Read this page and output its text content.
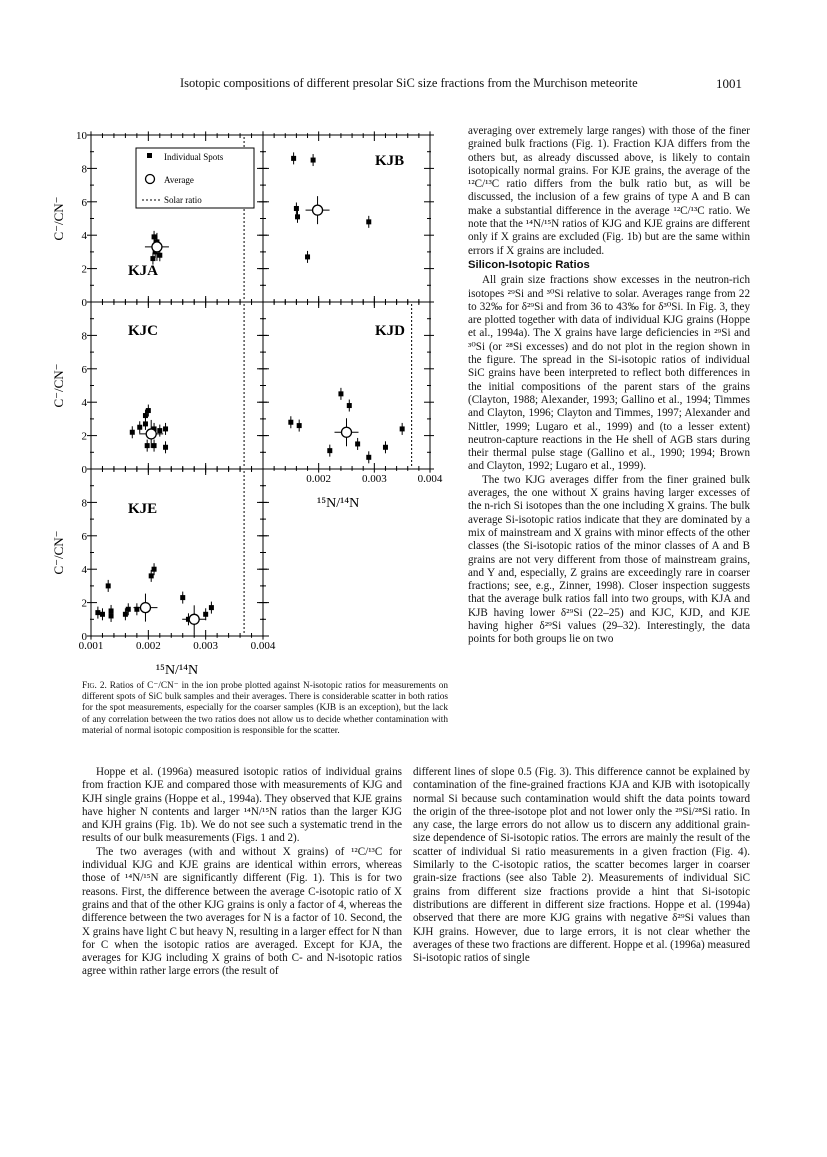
Isotopic compositions of different presolar SiC size fractions from the Murchison meteorite	1001
10
8
6
4
2
0
8
6
4
2
0
8
6
4
2
0
0.001	0.002	0.003	0.004
0.002	0.003	0.004
C⁻/CN⁻
C⁻/CN⁻
C⁻/CN⁻
¹⁵N/¹⁴N
¹⁵N/¹⁴N
KJA
KJB
KJC	KJD
KJE
Individual Spots
Average
Solar ratio
Fig. 2. Ratios of C⁻/CN⁻ in the ion probe plotted against N-isotopic ratios for measurements on different spots of SiC bulk samples and their averages. There is considerable scatter in both ratios for the spot measurements, especially for the coarser samples (KJB is an exception), but the lack of any correlation between the two ratios does not allow us to decide whether contamination with material of normal isotopic composition is responsible for the scatter.

averaging over extremely large ranges) with those of the finer grained bulk fractions (Fig. 1). Fraction KJA differs from the others but, as already discussed above, is likely to contain isotopically normal grains. For KJE grains, the average of the ¹²C/¹³C ratio differs from the bulk ratio but, as will be discussed, the inclusion of a few grains of type A and B can make a substantial difference in the average ¹²C/¹³C ratio. We note that the ¹⁴N/¹⁵N ratios of KJG and KJE grains are different only if X grains are excluded (Fig. 1b) but are the same within errors if X grains are included.

Silicon-Isotopic Ratios

All grain size fractions show excesses in the neutron-rich isotopes ²⁹Si and ³⁰Si relative to solar. Averages range from 22 to 32‰ for δ²⁹Si and from 36 to 43‰ for δ³⁰Si. In Fig. 3, they are plotted together with data of individual KJG grains (Hoppe et al., 1994a). The X grains have large deficiencies in ²⁹Si and ³⁰Si (or ²⁸Si excesses) and do not plot in the region shown in the figure. The spread in the Si-isotopic ratios of individual SiC grains have been interpreted to reflect both differences in the initial compositions of the parent stars of the grains (Clayton, 1988; Alexander, 1993; Gallino et al., 1994; Timmes and Clayton, 1996; Clayton and Timmes, 1997; Alexander and Nittler, 1999; Lugaro et al., 1999) and (to a lesser extent) neutron-capture reactions in the He shell of AGB stars during their thermal pulse stage (Gallino et al., 1990; 1994; Brown and Clayton, 1992; Lugaro et al., 1999).

The two KJG averages differ from the finer grained bulk averages, the one without X grains having larger excesses of the n-rich Si isotopes than the one including X grains. The bulk average Si-isotopic ratios indicate that they are dominated by a mix of mainstream and X grains with minor effects of the other classes (the Si-isotopic ratios of the minor classes of A and B grains are not very different from those of mainstream grains, and Y and, especially, Z grains are exceedingly rare in coarser fractions; see, e.g., Zinner, 1998). Closer inspection suggests that the average bulk ratios fall into two groups, with KJA and KJB having lower δ²⁹Si (22–25) and KJC, KJD, and KJE having higher δ²⁹Si values (29–32). Interestingly, the data points for both groups lie on two

Hoppe et al. (1996a) measured isotopic ratios of individual grains from fraction KJE and compared those with measurements of KJG and KJH single grains (Hoppe et al., 1994a). They observed that KJE grains have higher N contents and larger ¹⁴N/¹⁵N ratios than the larger KJG and KJH grains (Fig. 1b). We do not see such a systematic trend in the results of our bulk measurements (Figs. 1 and 2).

The two averages (with and without X grains) of ¹²C/¹³C for individual KJG and KJE grains are identical within errors, whereas those of ¹⁴N/¹⁵N are significantly different (Fig. 1). This is for two reasons. First, the difference between the average C-isotopic ratio of X grains and that of the other KJG grains is only a factor of 4, whereas the difference between the two averages for N is a factor of 10. Second, the X grains have light C but heavy N, resulting in a larger effect for N than for C when the isotopic ratios are averaged. Except for KJA, the averages for KJG including X grains of both C- and N-isotopic ratios agree within rather large errors (the result of

different lines of slope 0.5 (Fig. 3). This difference cannot be explained by contamination of the fine-grained fractions KJA and KJB with isotopically normal Si because such contamination would shift the data points toward the origin of the three-isotope plot and not lower only the ²⁹Si/²⁸Si ratio. In any case, the large errors do not allow us to discern any additional grain-size dependence of Si-isotopic ratios. The errors are mainly the result of the scatter of individual Si ratio measurements in a given fraction (Fig. 4). Similarly to the C-isotopic ratios, the scatter becomes larger in coarser grain-size fractions (see also Table 2). Measurements of individual SiC grains from different size fractions provide a hint that Si-isotopic distributions are different in different size fractions. Hoppe et al. (1994a) observed that there are more KJG grains with negative δ²⁹Si values than KJH grains. However, due to large errors, it is not clear whether the averages of these two fractions are different. Hoppe et al. (1996a) measured Si-isotopic ratios of single
